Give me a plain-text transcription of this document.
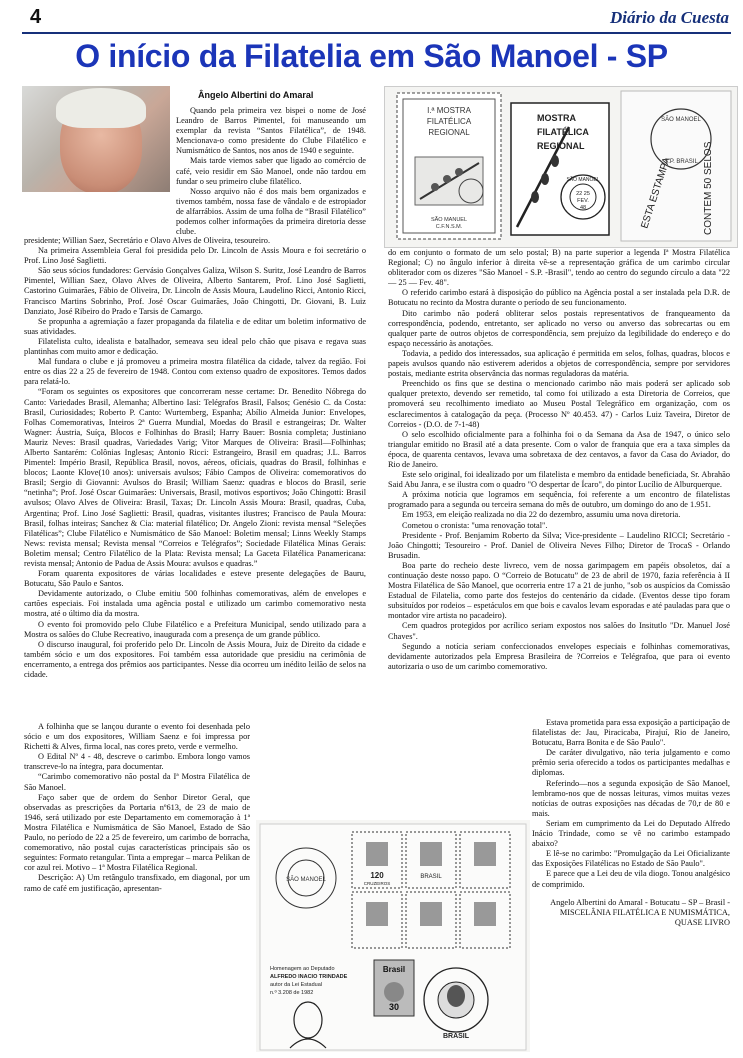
4	Diário da Cuesta
O início da Filatelia em São Manoel - SP
Ângelo Albertini do Amaral

Quando pela primeira vez bispei o nome de José Leandro de Barros Pimentel, foi manuseando um exemplar da revista “Santos Filatélica”, de 1948. Mencionava-o como presidente do Clube Filatélico e Numismático de Santos, nos anos de 1940 e seguinte.

Mais tarde viemos saber que ligado ao comércio de café, veio residir em São Manoel, onde não tardou em fundar o seu primeiro clube filatélico.

Nosso arquivo não é dos mais bem organizados e tivemos também, nossa fase de vândalo e de estropiador de alfarrábios. Assim de uma folha de “Brasil Filatélico” podemos colher informações da primeira diretoria desse clube.

presidente; Willian Saez, Secretário e Olavo Alves de Oliveira, tesoureiro.

Na primeira Assembleia Geral foi presidida pelo Dr. Lincoln de Assis Moura e foi secretário o Prof. Lino José Saglietti.

São seus sócios fundadores: Gervásio Gonçalves Galiza, Wilson S. Suritz, José Leandro de Barros Pimentel, Willian Saez, Olavo Alves de Oliveira, Alberto Santarem, Prof. Lino José Saglietti, Castorino Guimarães, Fábio de Oliveira, Dr. Lincoln de Assis Moura, Laudelino Ricci, Antonio Ricci, Francisco Martins Sobrinho, Prof. José Oscar Guimarães, João Chingotti, Dr. Giovani, B. Luiz Danziato, José Ribeiro do Prado e Tarsis de Camargo.

Se propunha a agremiação a fazer propaganda da filatelia e de editar um boletim informativo de suas atividades.

Filatelista culto, idealista e batalhador, semeava seu ideal pelo chão que pisava e regava suas plantinhas com muito amor e dedicação.

Mal fundara o clube e já promoveu a primeira mostra filatélica da cidade, talvez da região. Foi entre os dias 22 a 25 de fevereiro de 1948. Contou com extenso quadro de expositores. Temos dados para relatá-lo.

“Foram os seguintes os expositores que concorreram nesse certame: Dr. Benedito Nóbrega do Canto: Variedades Brasil, Alemanha; Albertino Iasi: Telégrafos Brasil, Falsos; Genésio C. da Costa: Brasil, Curiosidades; Roberto P. Canto: Wurtemberg, Espanha; Abílio Almeida Junior: Envelopes, Folhas Comemorativas, Inteiros 2ª Guerra Mundial, Moedas do Brasil e estrangeiras; Dr. Walter Wagner: Áustria, Suíça, Blocos e Folhinhas do Brasil; Harry Bauer: Bosnia completa; Justiniano Mauriz Neves: Brasil quadras, Variedades Varig; Vitor Marques de Oliveira: Brasil—Folhinhas; Alberto Santarém: Colônias Inglesas; Antonio Ricci: Estrangeiro, Brasil em quadras; J.L. Barros Pimentel: Império Brasil, República Brasil, novos, aéreos, oficiais, quadras do Brasil, folhinhas e blocos; Laonte Klove(10 anos): universais avulsos; Fábio Campos de Oliveira: comemorativos do Brasil; Sergio di Giovanni: Avulsos do Brasil; William Saenz: quadras e blocos do Brasil, serie “netinha”; Prof. José Oscar Guimarães: Universais, Brasil, motivos esportivos; João Chingotti: Brasil avulsos; Olavo Alves de Oliveira: Brasil, Taxas; Dr. Lincoln Assis Moura: Brasil, quadras, Cuba, Argentina; Prof. Lino José Saglietti: Brasil, quadras, visitantes ilustres; Francisco de Paula Moura: Brasil, folhas inteiras; Sanchez & Cia: material filatélico; Dr. Angelo Zioni: revista mensal “Seleções Filatélicas”; Clube Filatélico e Numismático de São Manoel: Boletim mensal; Linns Weekly Stamps News: revista mensal; Revista mensal “Correios e Telégrafos”; Sociedade Filatélica Minas Gerais: Boletim mensal; Centro Filatélico de la Plata: Revista mensal; La Gaceta Filatélica Panamericana: revista mensal; Antonio de Padua de Assis Moura: avulsos e quadras.”

Foram quarenta expositores de várias localidades e esteve presente delegações de Bauru, Botucatu, São Paulo e Santos.

Devidamente autorizado, o Clube emitiu 500 folhinhas comemorativas, além de envelopes e cartões especiais. Foi instalada uma agência postal e utilizado um carimbo comemorativo nesta mostra, até o último dia da mostra.

O evento foi promovido pelo Clube Filatélico e a Prefeitura Municipal, sendo utilizado para a Mostra os salões do Clube Recreativo, inaugurada com a presença de um grande público.

O discurso inaugural, foi proferido pelo Dr. Lincoln de Assis Moura, Juiz de Direito da cidade e também sócio e um dos expositores. Foi também essa autoridade que presidiu na cerimônia de encerramento, a entrega dos prêmios aos participantes. Nesse dia ocorreu um inédito leilão de selos na cidade.

A folhinha que se lançou durante o evento foi desenhada pelo sócio e um dos expositores, William Saenz e foi impressa por Richetti & Alves, firma local, nas cores preto, verde e vermelho.

O Edital Nº 4 - 48, descreve o carimbo. Embora longo vamos transcreve-lo na íntegra, para documentar.

“Carimbo comemorativo não postal da Iª Mostra Filatélica de São Manoel.

Faço saber que de ordem do Senhor Diretor Geral, que observadas as prescrições da Portaria nº613, de 23 de maio de 1946, será utilizado por este Departamento em comemoração à 1ª Mostra Filatélica e Numismática de São Manoel, Estado de São Paulo, no período de 22 a 25 de fevereiro, um carimbo de borracha, comemorativo, não postal cujas características principais são os seguintes: Formato retangular. Tinta a empregar – marca Pelikan de cor azul rei. Motivo – 1ª Mostra Filatélica Regional.

Descrição: A) Um retângulo transfixado, em diagonal, por um ramo de café em justificação, apresentan-

do em conjunto o formato de um selo postal; B) na parte superior a legenda Iª Mostra Filatélica Regional; C) no ângulo inferior à direita vê-se a representação gráfica de um carimbo circular obliterador com os dizeres "São Manoel - S.P. -Brasil", tendo ao centro do segundo círculo a data "22 — 25 — Fev. 48".

O referido carimbo estará à disposição do público na Agência postal a ser instalada pela D.R. de Botucatu no recinto da Mostra durante o período de seu funcionamento.

Dito carimbo não poderá obliterar selos postais representativos de franqueamento da correspondência, podendo, entretanto, ser aplicado no verso ou anverso das sobrecartas ou em qualquer parte de outros objetos de correspondência, sem prejuízo da legibilidade do endereço e do espaço necessário às anotações.

Todavia, a pedido dos interessados, sua aplicação é permitida em selos, folhas, quadras, blocos e papeis avulsos quando não estiverem aderidos a objetos de correspondência, sempre por servidores postais, mediante estrita observância das normas reguladoras da matéria.

Preenchido os fins que se destina o mencionado carimbo não mais poderá ser aplicado sob qualquer pretexto, devendo ser remetido, tal como foi utilizado a esta Diretoria de Correios, que promoverá seu recolhimento imediato ao Museu Postal Telegráfico em organização, com os esclarecimentos à catalogação da peça. (Processo Nº 40.453. 47) - Carlos Luiz Taveira, Diretor de Correios - (D.O. de 7-1-48)

O selo escolhido oficialmente para a folhinha foi o da Semana da Asa de 1947, o único selo triangular emitido no Brasil até a data presente. Com o valor de franquia que era a taxa simples da época, de quarenta centavos, levava uma sobretaxa de dez centavos, a favor da Casa do Aviador, do Rio de Janeiro.

Este selo original, foi idealizado por um filatelista e membro da entidade beneficiada, Sr. Abrahão Said Abu Janra, e se ilustra com o quadro "O despertar de Ícaro", do pintor Lucílio de Alburquerque.

A próxima notícia que logramos em sequência, foi referente a um encontro de filatelistas programado para a segunda ou terceira semana do mês de outubro, um domingo do ano de 1.951.

Em 1953, em eleição realizada no dia 22 do dezembro, assumiu uma nova diretoria.

Cometou o cronista: "uma renovação total".

Presidente - Prof. Benjamim Roberto da Silva; Vice-presidente – Laudelino RICCI; Secretário - João Chingotti; Tesoureiro - Prof. Daniel de Oliveira Neves Filho; Diretor de TrocaS - Orlando Brusadin.

Boa parte do recheio deste livreco, vem de nossa garimpagem em papéis obsoletos, daí a continuação deste nosso papo. O “Correio de Botucatu” de 23 de abril de 1970, fazia referência à II Mostra Filatélica de São Manoel, que ocorreria entre 17 a 21 de junho, "sob os auspícios da Comissão Estadual de Filatelia, como parte dos festejos do centenário da cidade. (Eventos desse tipo foram subsituídos por rodeios – espetáculos em que bois e cavalos levam esporadas e até pauladas para que o montador vire artista no pacadeiro).

Cem quadros protegidos por acrílico seriam expostos nos salões do Insitutlo "Dr. Manuel José Chaves".

Segundo a notícia seriam confeccionados envelopes especiais e folhinhas comemorativas, devidamente autorizados pela Empresa Brasileira de ?Correios e Telégrafoa, que para oi evento autorizaria o uso de um carimbo comemorativo.

Estava prometida para essa exposição a participação de filatelistas de: Jau, Piracicaba, Pirajuí, Rio de Janeiro, Botucatu, Barra Bonita e de São Paulo".

De caráter divulgativo, não teria julgamento e como prêmio seria oferecido a todos os participantes medalhas e diplomas.

Referindo—nos a segunda exposição de São Manoel, lembramo-nos que de nossas leituras, vimos muitas vezes notícias de outras exposições nas décadas de 70,r de 80 e mais.

Seriam em cumprimento da Lei do Deputado Alfredo Inácio Trindade, como se vê no carimbo estampado abaixo?

E lê-se no carimbo: "Promulgação da Lei Oficializante das Exposições Filatélicas no Estado de São Paulo".

E parece que a Lei deu de vila diogo. Tonou analgésico de comprimido.

Angelo Albertini do Amaral - Botucatu – SP – Brasil - MISCELÂNIA FILATÉLICA E NUMISMÁTICA, QUASE LIVRO

I.ª MOSTRA
FILATÉLICA
REGIONAL
SÃO MANUEL
C.F.N.S.M.
MOSTRA
FILATÉLICA
REGIONAL
SÃO MANOEL
22 25
FEV.
48	ESTA ESTAMPA	CONTEM 50 SELOS
SÃO MANOEL
S.P. BRASIL
120
CRUZEIROS
BRASIL
SÃO MANOEL
Homenagem ao Deputado
ALFREDO INACIO TRINDADE
autor da Lei Estadual
n.º 3.208 de 1982
Brasil
30
BRASIL
